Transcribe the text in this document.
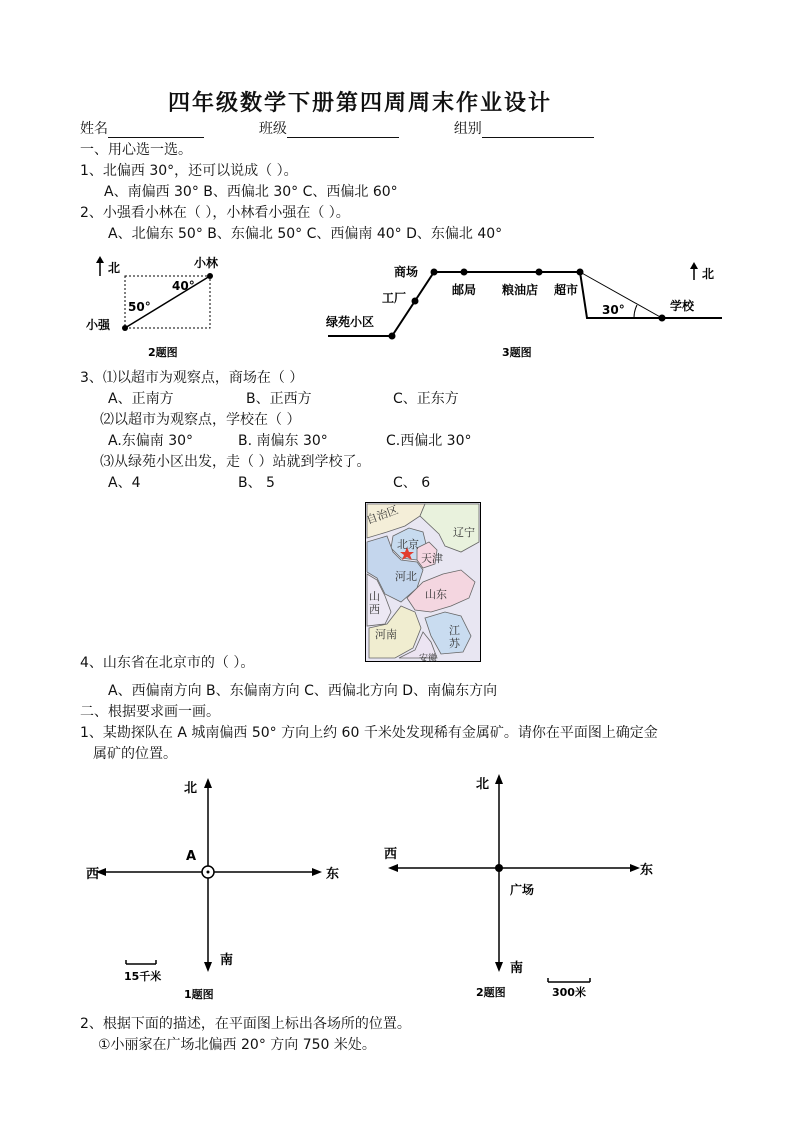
四年级数学下册第四周周末作业设计
姓名	班级	组别
一、用心选一选。
1、北偏西 30°，还可以说成（ ）。
A、南偏西 30° B、西偏北 30° C、西偏北 60°
2、小强看小林在（ ），小林看小强在（ ）。
A、北偏东 50° B、东偏北 50° C、西偏南 40° D、东偏北 40°
北	小林
小强
40°
50°
2题图
30°
商场
工厂
邮局 粮油店 超市
学校
绿苑小区
北
3题图
3、⑴以超市为观察点，商场在（ ）
A、正南方	B、正西方	C、正东方
⑵以超市为观察点，学校在（ ）
A.东偏南 30°	B. 南偏东 30°	C.西偏北 30°
⑶从绿苑小区出发，走（ ）站就到学校了。
A、4	B、 5	C、 6
自治区
北京
天津
辽宁
河北
山
西
山东
河南	江
苏
安徽
4、山东省在北京市的（ ）。
A、西偏南方向 B、东偏南方向 C、西偏北方向 D、南偏东方向
二、根据要求画一画。
1、某勘探队在 A 城南偏西 50° 方向上约 60 千米处发现稀有金属矿。请你在平面图上确定金
属矿的位置。
北
南
东
西
A
15千米
1题图
北
南
东
西
广场
300米
2题图
2、根据下面的描述，在平面图上标出各场所的位置。
①小丽家在广场北偏西 20° 方向 750 米处。
